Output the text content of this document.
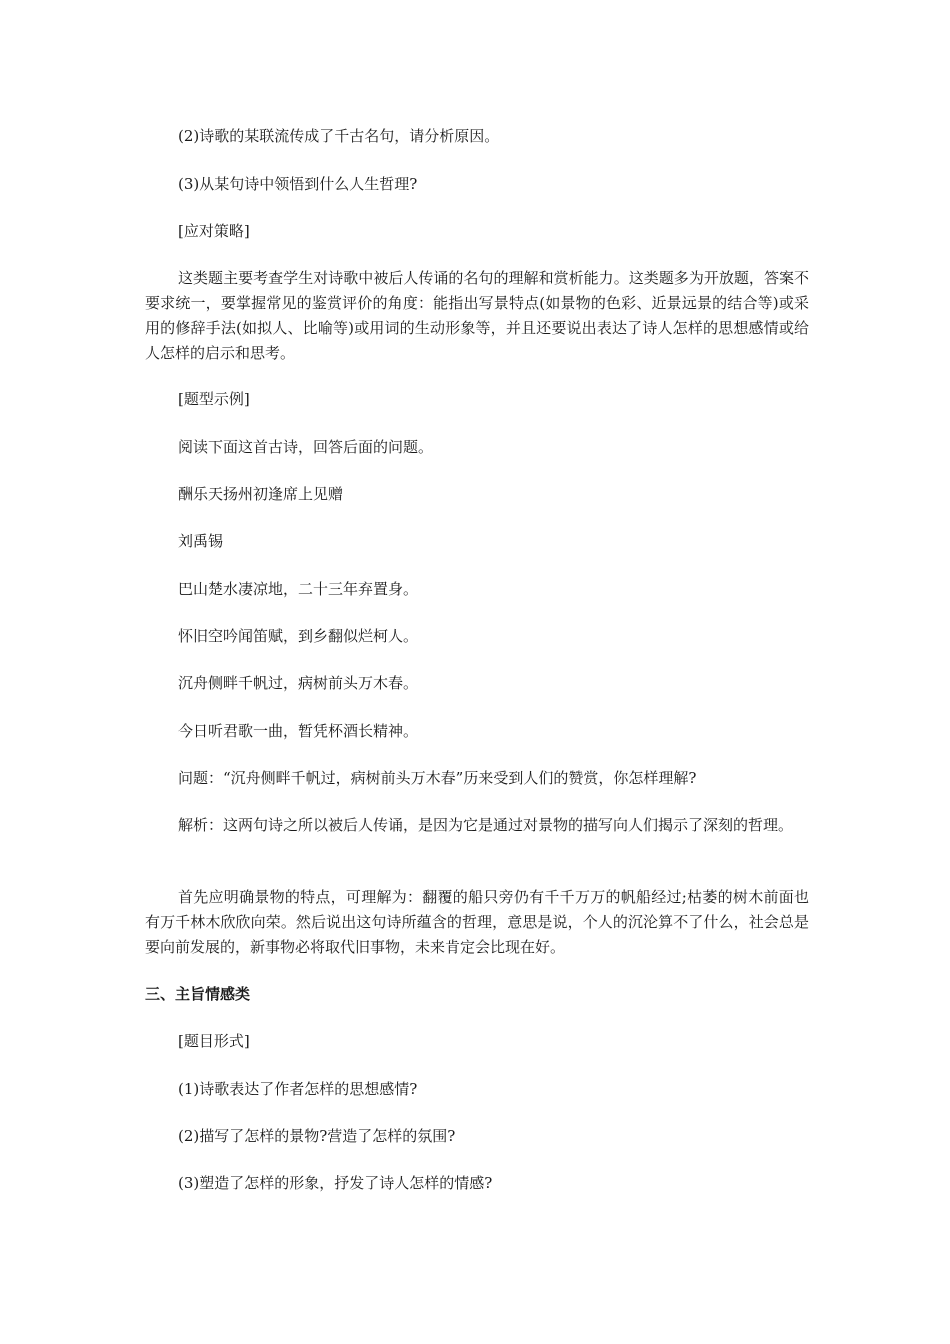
(2)诗歌的某联流传成了千古名句，请分析原因。

(3)从某句诗中领悟到什么人生哲理?

[应对策略]

这类题主要考查学生对诗歌中被后人传诵的名句的理解和赏析能力。这类题多为开放题，答案不要求统一，要掌握常见的鉴赏评价的角度：能指出写景特点(如景物的色彩、近景远景的结合等)或采用的修辞手法(如拟人、比喻等)或用词的生动形象等，并且还要说出表达了诗人怎样的思想感情或给人怎样的启示和思考。

[题型示例]

阅读下面这首古诗，回答后面的问题。

酬乐天扬州初逢席上见赠

刘禹锡

巴山楚水凄凉地，二十三年弃置身。

怀旧空吟闻笛赋，到乡翻似烂柯人。

沉舟侧畔千帆过，病树前头万木春。

今日听君歌一曲，暂凭杯酒长精神。

问题：“沉舟侧畔千帆过，病树前头万木春”历来受到人们的赞赏，你怎样理解?

解析：这两句诗之所以被后人传诵，是因为它是通过对景物的描写向人们揭示了深刻的哲理。

首先应明确景物的特点，可理解为：翻覆的船只旁仍有千千万万的帆船经过;枯萎的树木前面也有万千林木欣欣向荣。然后说出这句诗所蕴含的哲理，意思是说，个人的沉沦算不了什么，社会总是要向前发展的，新事物必将取代旧事物，未来肯定会比现在好。

三、主旨情感类

[题目形式]

(1)诗歌表达了作者怎样的思想感情?

(2)描写了怎样的景物?营造了怎样的氛围?

(3)塑造了怎样的形象，抒发了诗人怎样的情感?
